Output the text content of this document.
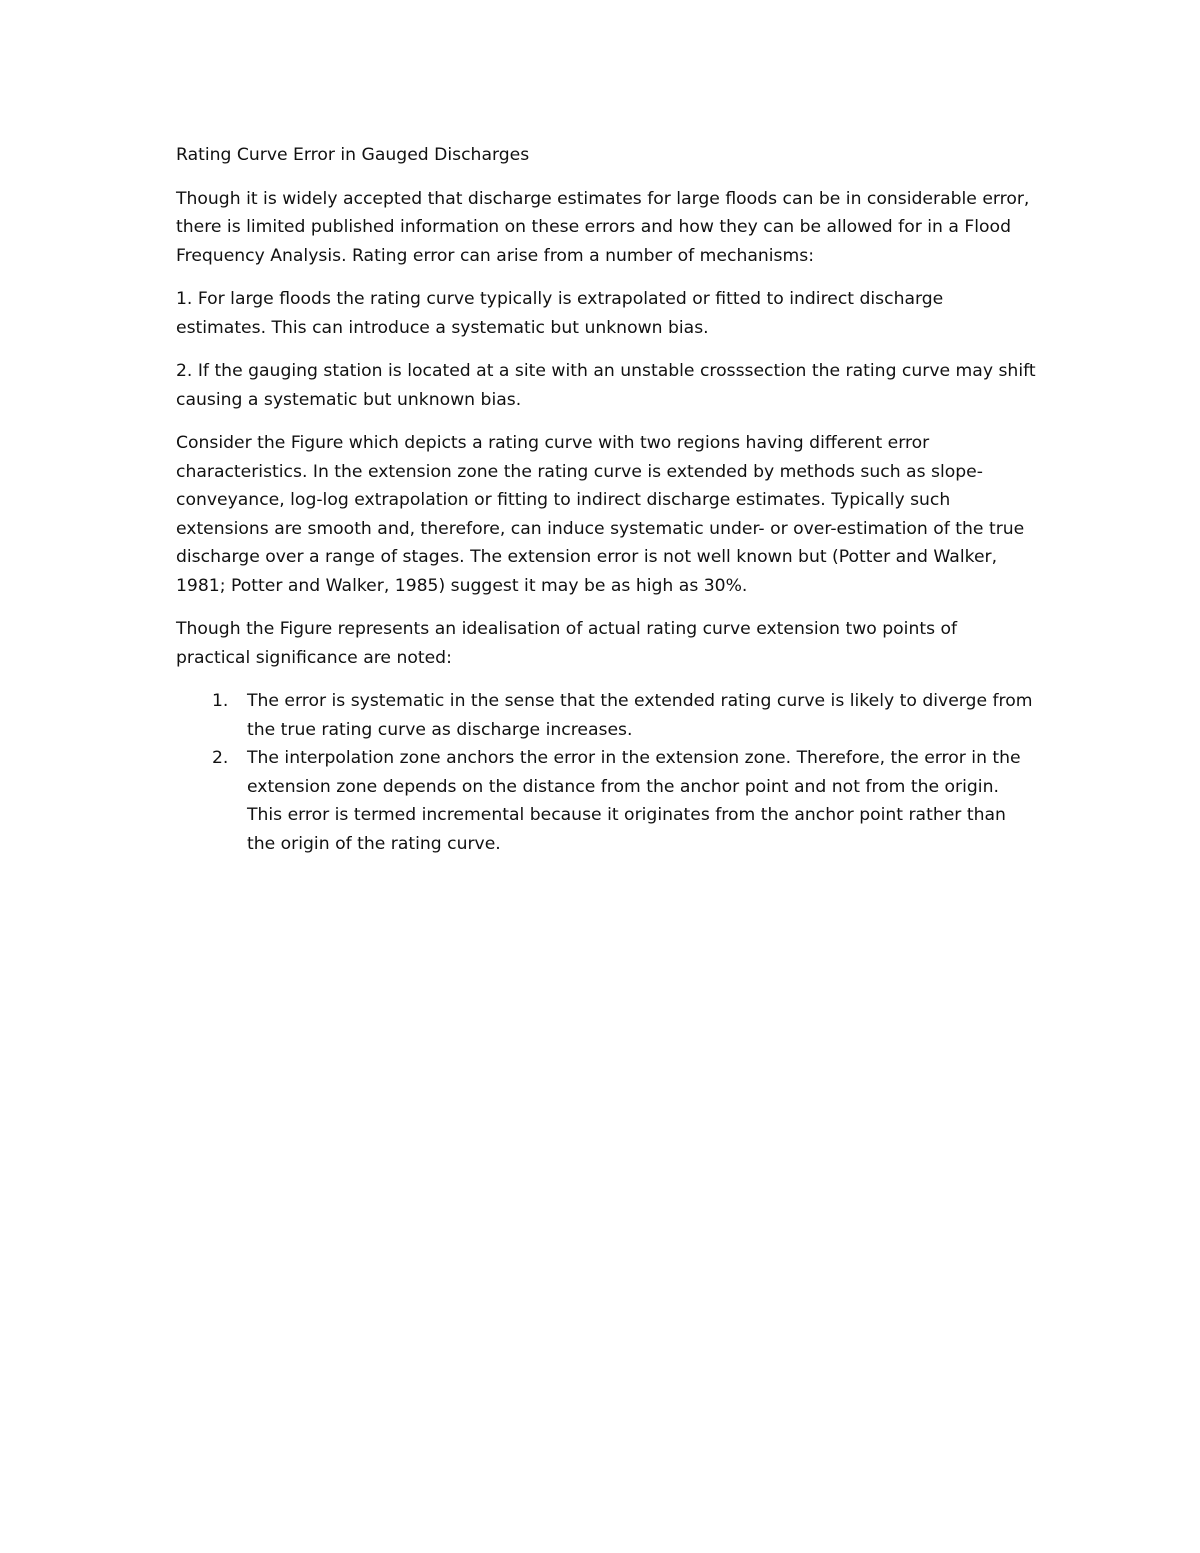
Rating Curve Error in Gauged Discharges

Though it is widely accepted that discharge estimates for large floods can be in considerable error, there is limited published information on these errors and how they can be allowed for in a Flood Frequency Analysis. Rating error can arise from a number of mechanisms:

1. For large floods the rating curve typically is extrapolated or fitted to indirect discharge estimates. This can introduce a systematic but unknown bias.

2. If the gauging station is located at a site with an unstable crosssection the rating curve may shift causing a systematic but unknown bias.

Consider the Figure which depicts a rating curve with two regions having different error characteristics. In the extension zone the rating curve is extended by methods such as slope-conveyance, log-log extrapolation or fitting to indirect discharge estimates. Typically such extensions are smooth and, therefore, can induce systematic under- or over-estimation of the true discharge over a range of stages. The extension error is not well known but (Potter and Walker, 1981; Potter and Walker, 1985) suggest it may be as high as 30%.

Though the Figure represents an idealisation of actual rating curve extension two points of practical significance are noted:

1. The error is systematic in the sense that the extended rating curve is likely to diverge from the true rating curve as discharge increases.
2. The interpolation zone anchors the error in the extension zone. Therefore, the error in the extension zone depends on the distance from the anchor point and not from the origin. This error is termed incremental because it originates from the anchor point rather than the origin of the rating curve.
